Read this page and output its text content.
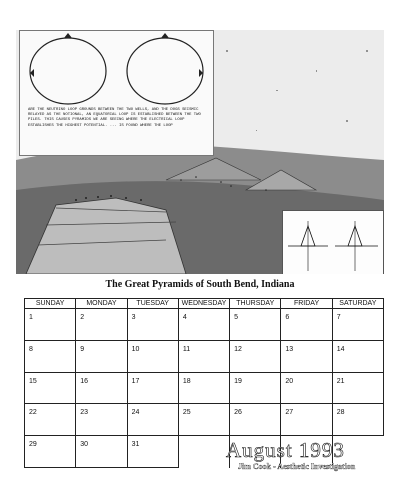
ARE THE NEUTRINO LOOP GROUNDS BETWEEN THE TWO WELLS, AND THE DOGS SEISMIC RELAYED AS THE NOTIONAL, AN EQUATORIAL LOOP IS ESTABLISHED BETWEEN THE TWO PILES. THIS CAUSES PYRAMIDS WE ARE SEEING WHERE THE ELECTRICAL LOOP ESTABLISHES THE HIGHEST POTENTIAL. ... IS FOUND WHERE THE LOOP
The Great Pyramids of South Bend, Indiana
SUNDAY	MONDAY	TUESDAY	WEDNESDAY	THURSDAY	FRIDAY	SATURDAY
1	2	3	4	5	6	7
8	9	10	11	12	13	14
15	16	17	18	19	20	21
22	23	24	25	26	27	28
29	30	31					August 1993
Jim Cook - Aesthetic Investigation
